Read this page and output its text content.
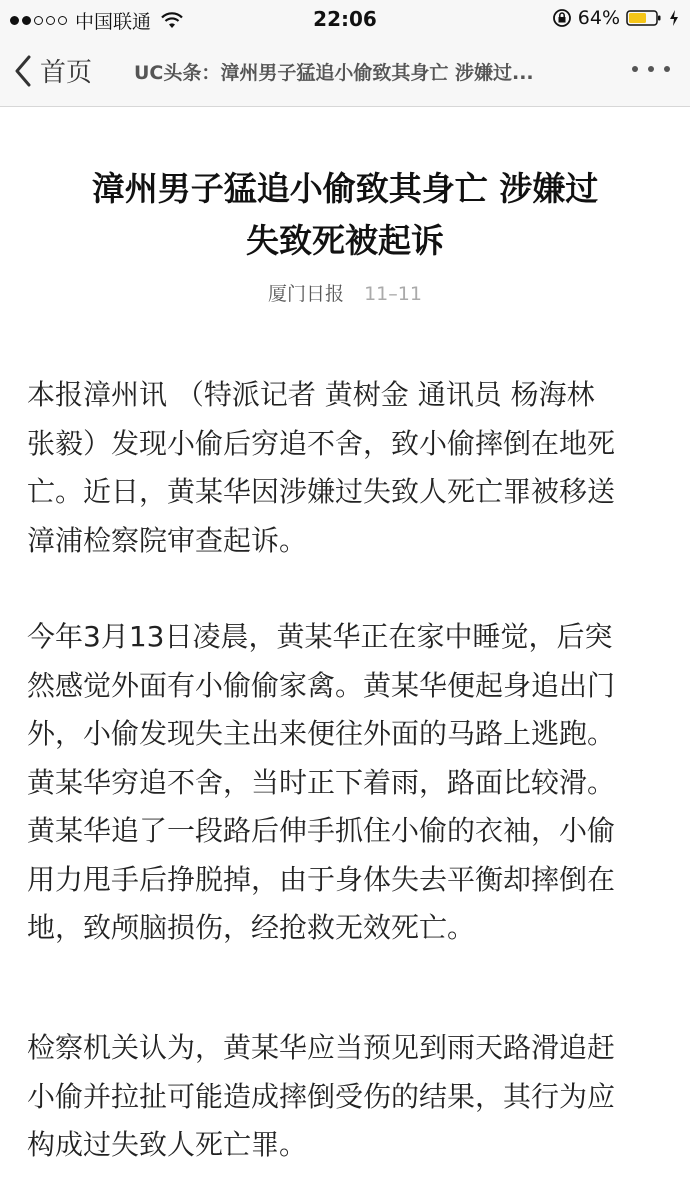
中国联通	22:06	64%
首页 UC头条：漳州男子猛追小偷致其身亡 涉嫌过...
漳州男子猛追小偷致其身亡 涉嫌过
失致死被起诉
厦门日报 11–11

本报漳州讯 （特派记者 黄树金 通讯员 杨海林
张毅）发现小偷后穷追不舍，致小偷摔倒在地死
亡。近日，黄某华因涉嫌过失致人死亡罪被移送
漳浦检察院审查起诉。

今年3月13日凌晨，黄某华正在家中睡觉，后突
然感觉外面有小偷偷家禽。黄某华便起身追出门
外，小偷发现失主出来便往外面的马路上逃跑。
黄某华穷追不舍，当时正下着雨，路面比较滑。
黄某华追了一段路后伸手抓住小偷的衣袖，小偷
用力甩手后挣脱掉，由于身体失去平衡却摔倒在
地，致颅脑损伤，经抢救无效死亡。

检察机关认为，黄某华应当预见到雨天路滑追赶
小偷并拉扯可能造成摔倒受伤的结果，其行为应
构成过失致人死亡罪。
